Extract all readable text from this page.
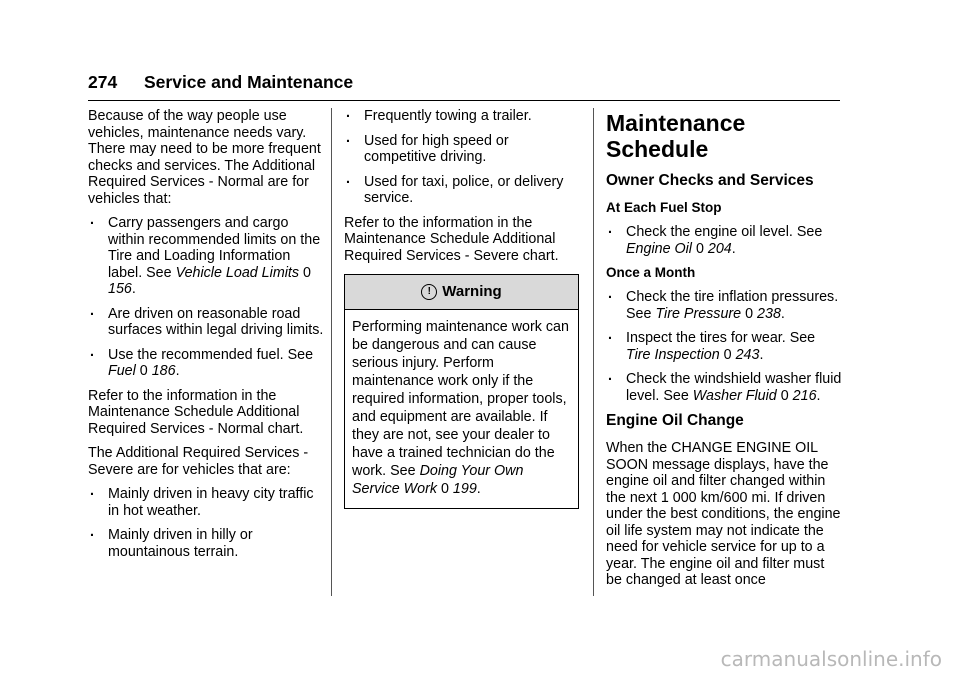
274 Service and Maintenance

Because of the way people use vehicles, maintenance needs vary. There may need to be more frequent checks and services. The Additional Required Services - Normal are for vehicles that:

. Carry passengers and cargo within recommended limits on the Tire and Loading Information label. See Vehicle Load Limits 0 156.
. Are driven on reasonable road surfaces within legal driving limits.
. Use the recommended fuel. See Fuel 0 186.

Refer to the information in the Maintenance Schedule Additional Required Services - Normal chart.

The Additional Required Services - Severe are for vehicles that are:

. Mainly driven in heavy city traffic in hot weather.
. Mainly driven in hilly or mountainous terrain.
. Frequently towing a trailer.
. Used for high speed or competitive driving.
. Used for taxi, police, or delivery service.

Refer to the information in the Maintenance Schedule Additional Required Services - Severe chart.

! Warning
Performing maintenance work can be dangerous and can cause serious injury. Perform maintenance work only if the required information, proper tools, and equipment are available. If they are not, see your dealer to have a trained technician do the work. See Doing Your Own Service Work 0 199.
Maintenance Schedule
Owner Checks and Services
At Each Fuel Stop
. Check the engine oil level. See Engine Oil 0 204.
Once a Month
. Check the tire inflation pressures. See Tire Pressure 0 238.
. Inspect the tires for wear. See Tire Inspection 0 243.
. Check the windshield washer fluid level. See Washer Fluid 0 216.
Engine Oil Change

When the CHANGE ENGINE OIL SOON message displays, have the engine oil and filter changed within the next 1 000 km/600 mi. If driven under the best conditions, the engine oil life system may not indicate the need for vehicle service for up to a year. The engine oil and filter must be changed at least once

carmanualsonline.info
